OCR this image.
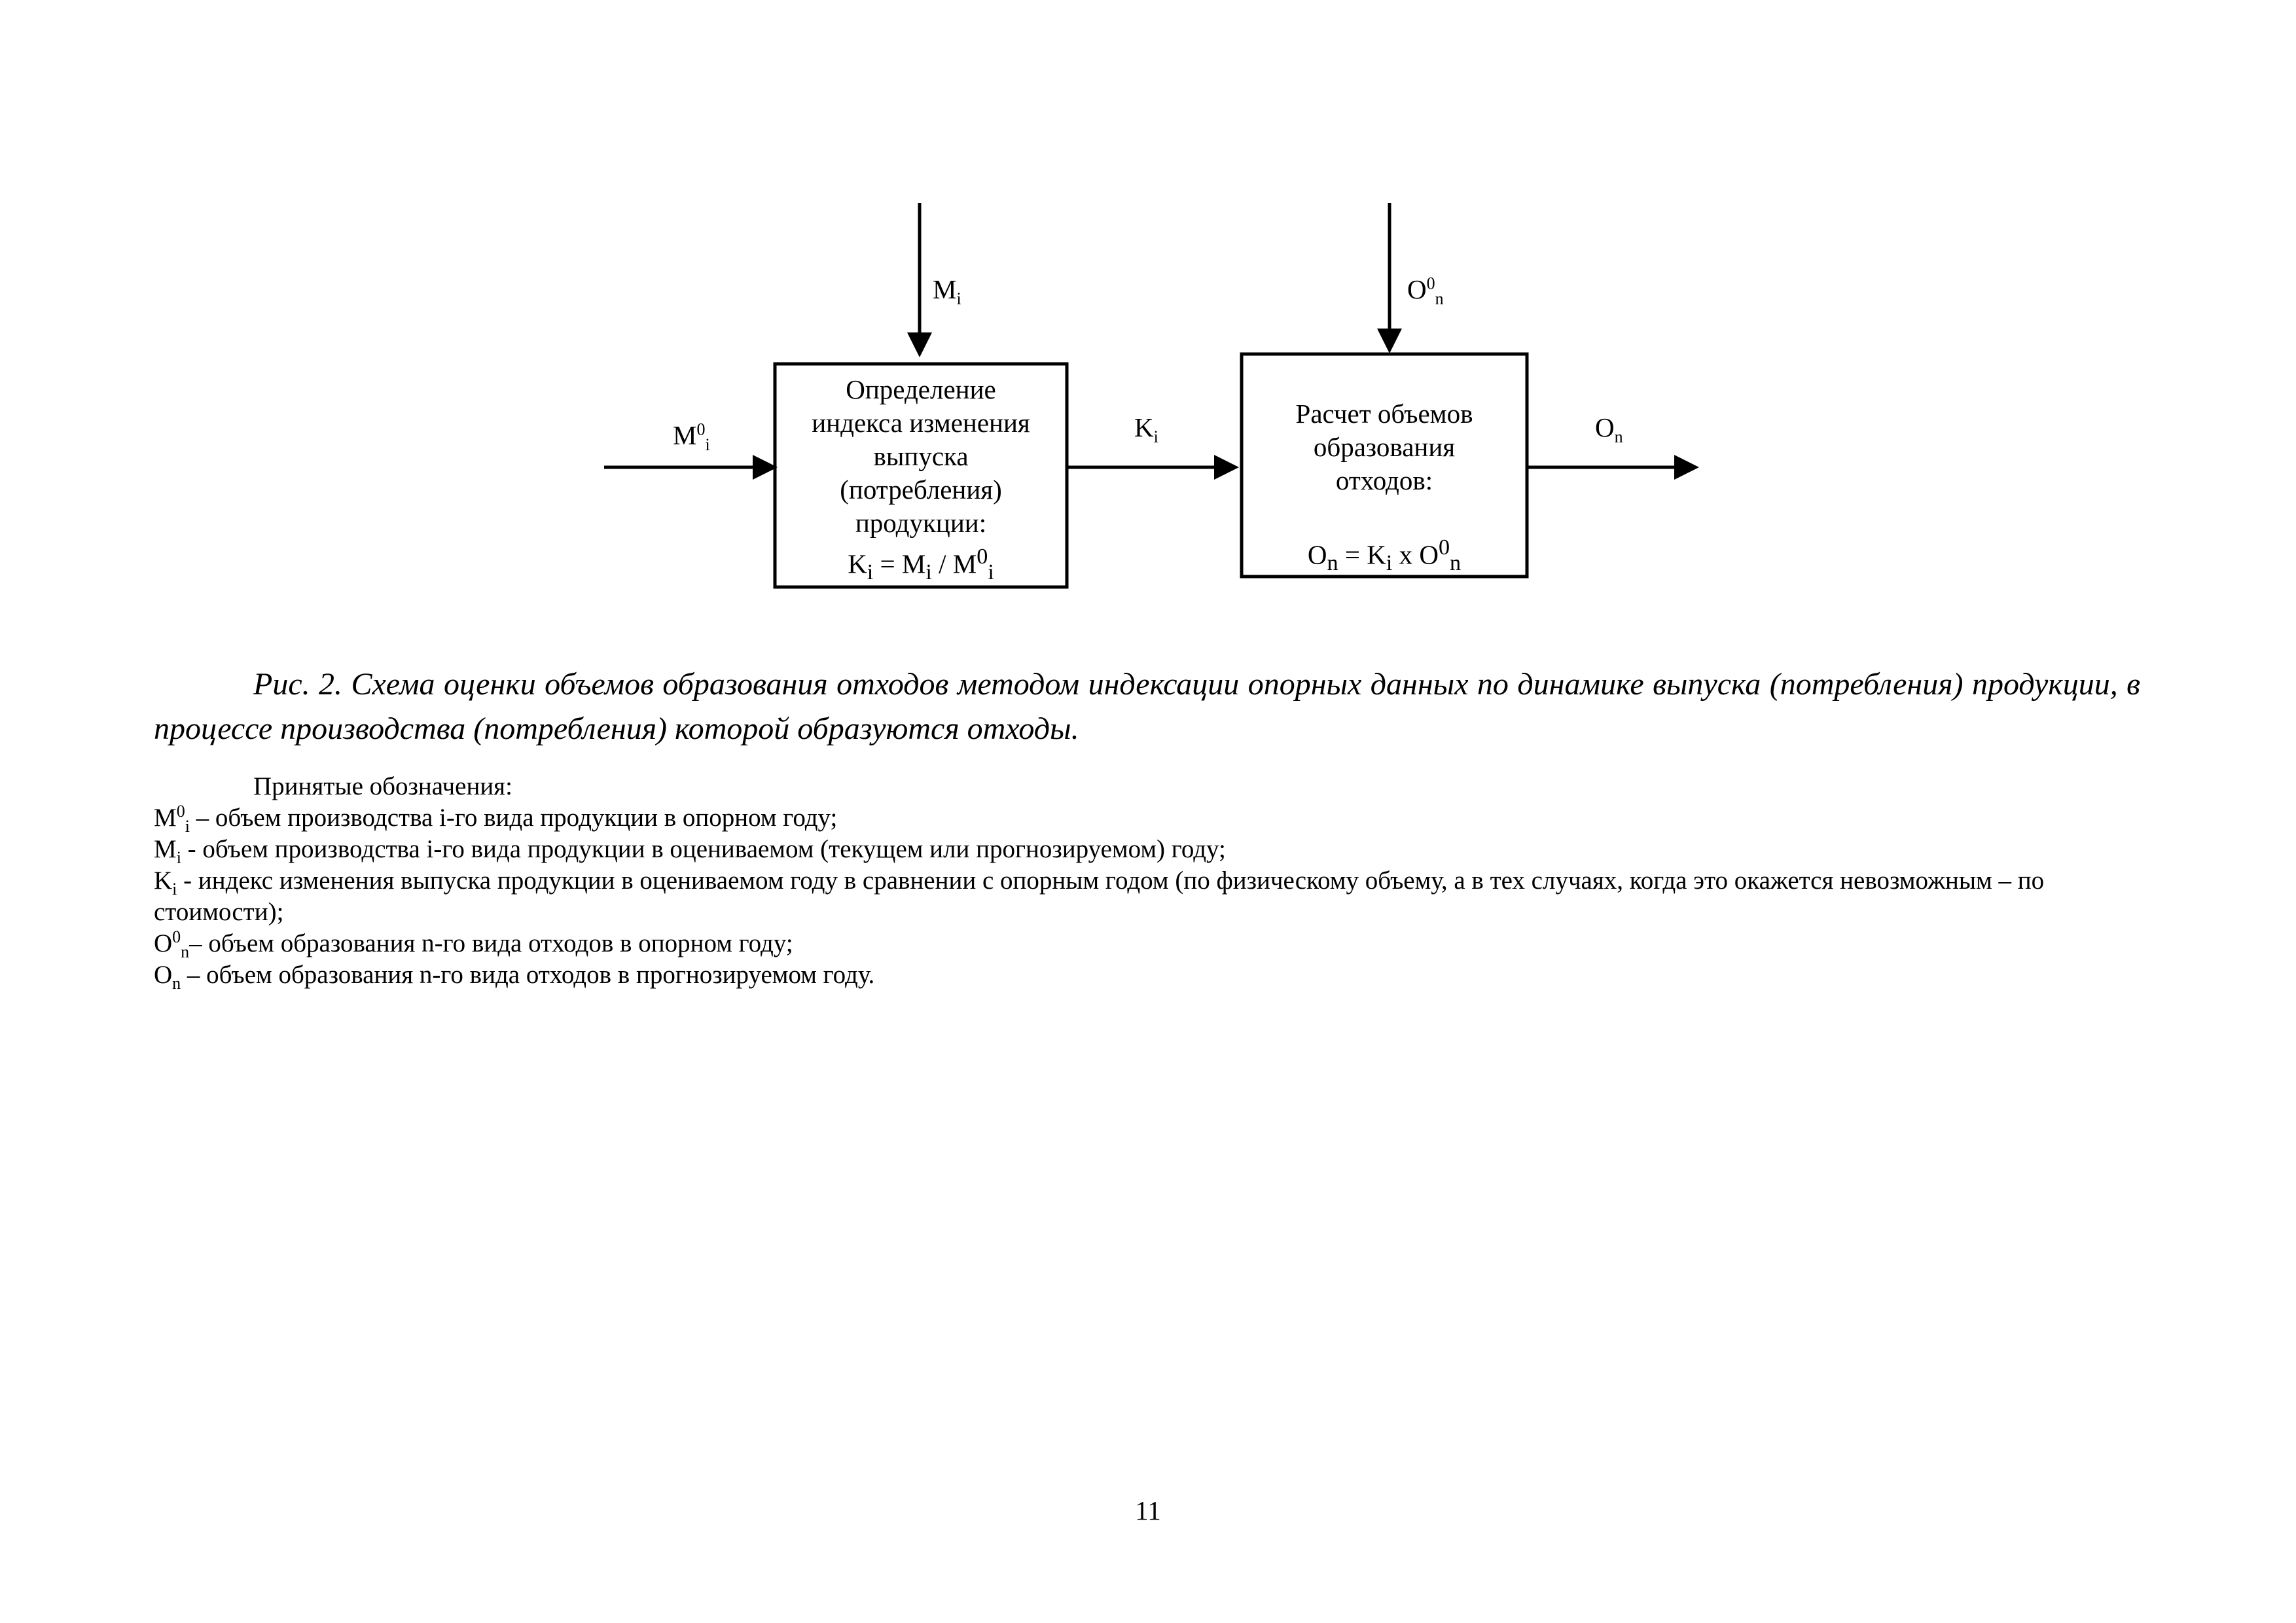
$M^0_i$
$M_i$	$O^0_n$
$K_i$	$O_n$
Определение
индекса изменения
выпуска
(потребления)
продукции:
$K_i = M_i / M^0_i$
Расчет объемов
образования
отходов:
$O_n = K_i$ x $O^0_n$
Рис. 2. Схема оценки объемов образования отходов методом индексации опорных данных по динамике выпуска (потребления) продукции, в процессе производства (потребления) которой образуются отходы.
Принятые обозначения:
$M^0_i$ – объем производства i-го вида продукции в опорном году;
$M_i$ - объем производства i-го вида продукции в оцениваемом (текущем или прогнозируемом) году;
$K_i$ - индекс изменения выпуска продукции в оцениваемом году в сравнении с опорным годом (по физическому объему, а в тех случаях, когда это окажется невозможным – по стоимости);
$O^0_n-$ объем образования n-го вида отходов в опорном году;
$O_n$ – объем образования n-го вида отходов в прогнозируемом году.
11
